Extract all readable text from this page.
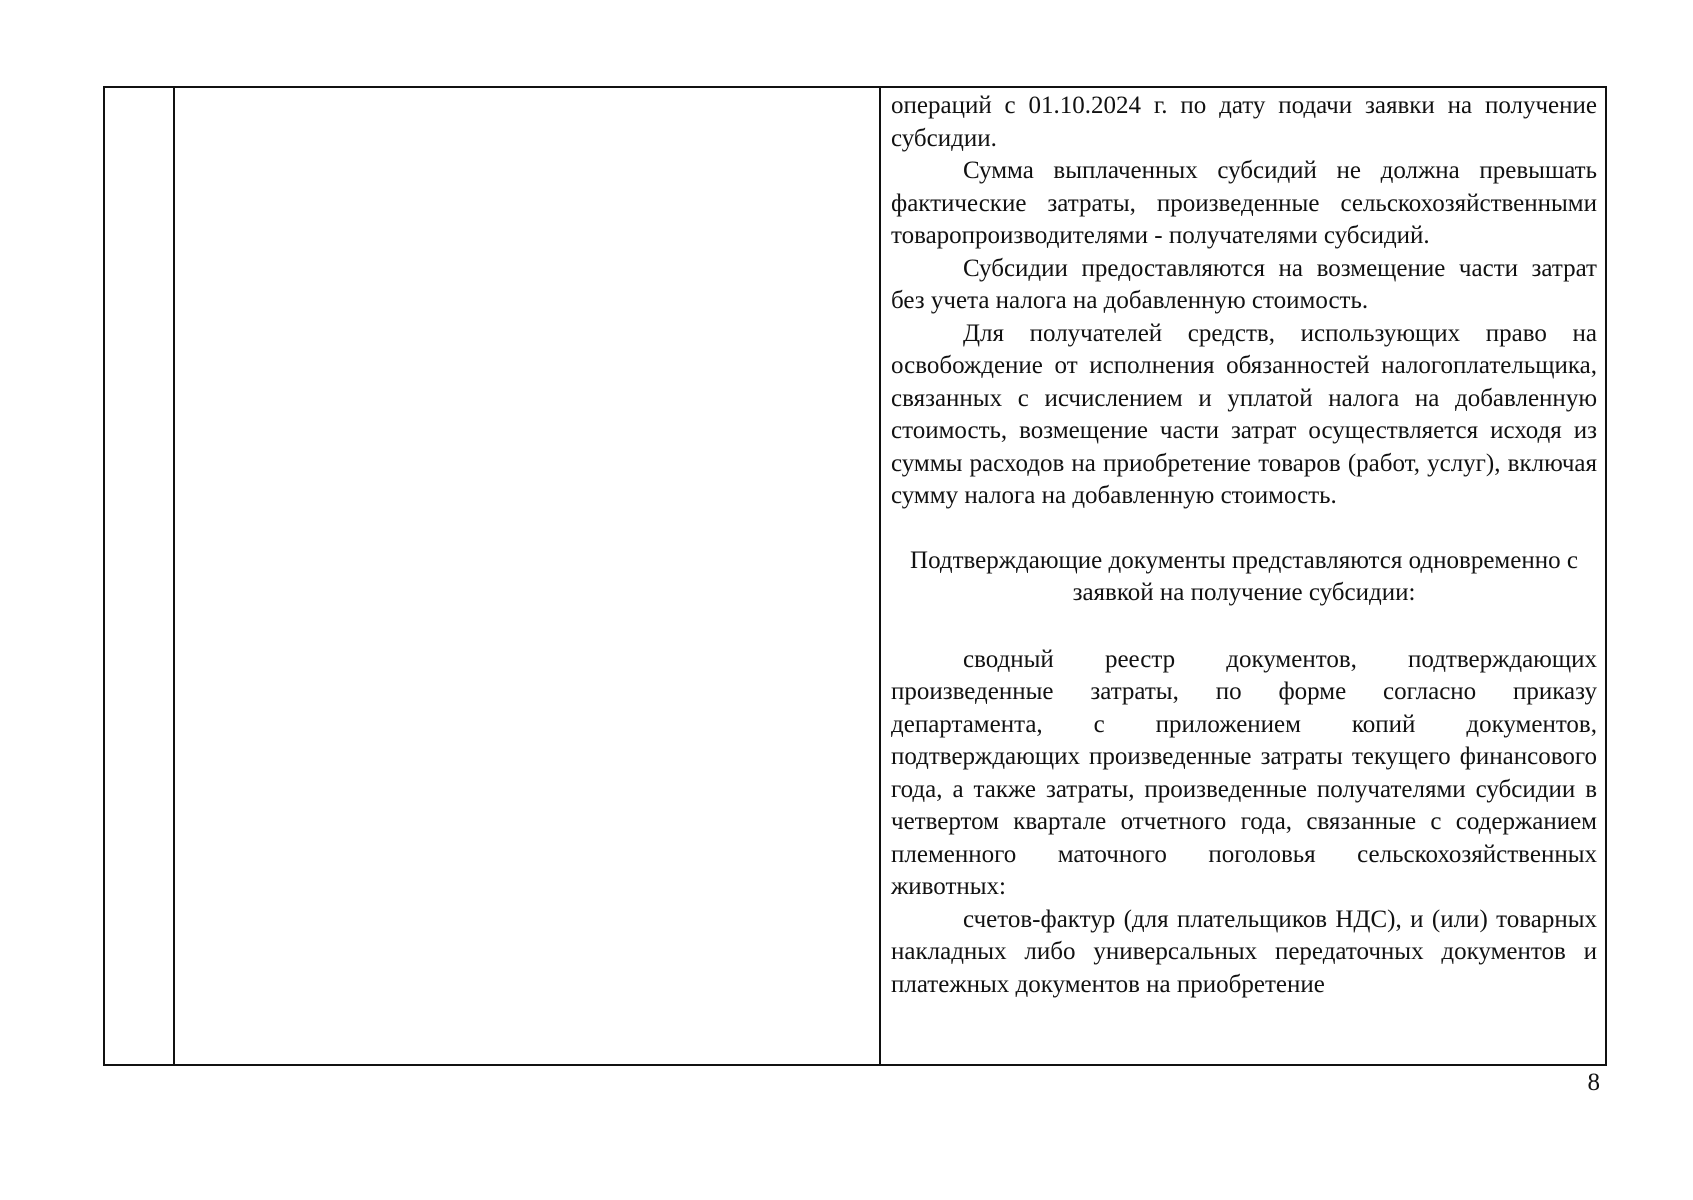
операций с 01.10.2024 г. по дату подачи заявки на получение субсидии.

Сумма выплаченных субсидий не должна превышать фактические затраты, произведенные сельскохозяйственными товаропроизводителями - получателями субсидий.

Субсидии предоставляются на возмещение части затрат без учета налога на добавленную стоимость.

Для получателей средств, использующих право на освобождение от исполнения обязанностей налогоплательщика, связанных с исчислением и уплатой налога на добавленную стоимость, возмещение части затрат осуществляется исходя из суммы расходов на приобретение товаров (работ, услуг), включая сумму налога на добавленную стоимость.

Подтверждающие документы представляются одновременно с заявкой на получение субсидии:

сводный реестр документов, подтверждающих произведенные затраты, по форме согласно приказу департамента, с приложением копий документов, подтверждающих произведенные затраты текущего финансового года, а также затраты, произведенные получателями субсидии в четвертом квартале отчетного года, связанные с содержанием племенного маточного поголовья сельскохозяйственных животных:

счетов-фактур (для плательщиков НДС), и (или) товарных накладных либо универсальных передаточных документов и платежных документов на приобретение

8
